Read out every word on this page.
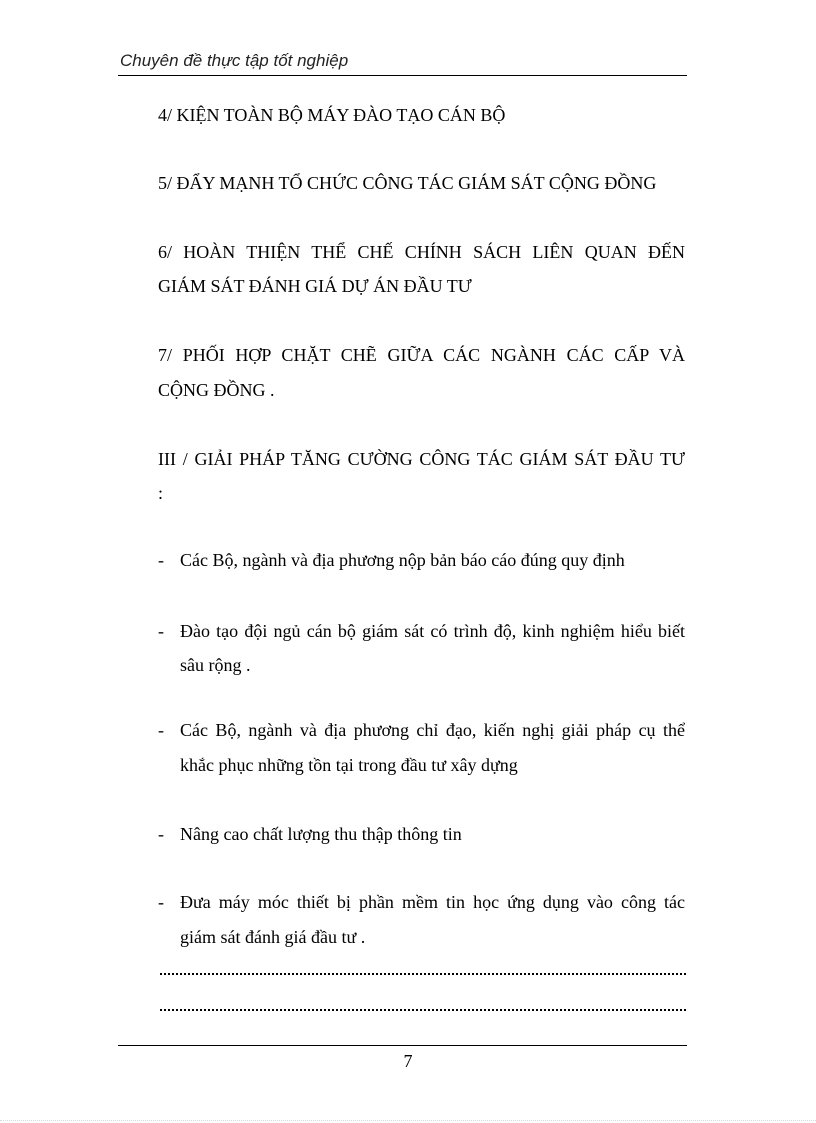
Chuyên đề thực tập tốt nghiệp
4/ KIỆN TOÀN BỘ MÁY ĐÀO TẠO CÁN BỘ
5/ ĐẨY MẠNH TỔ CHỨC CÔNG TÁC GIÁM SÁT CỘNG ĐỒNG
6/ HOÀN THIỆN THỂ CHẾ CHÍNH SÁCH LIÊN QUAN ĐẾN
GIÁM SÁT ĐÁNH GIÁ DỰ ÁN ĐẦU TƯ
7/ PHỐI HỢP CHẶT CHẼ GIỮA CÁC NGÀNH CÁC CẤP VÀ
CỘNG ĐỒNG .
III / GIẢI PHÁP TĂNG CƯỜNG CÔNG TÁC GIÁM SÁT ĐẦU TƯ
:
- Các Bộ, ngành và địa phương nộp bản báo cáo đúng quy định
- Đào tạo đội ngủ cán bộ giám sát có trình độ, kinh nghiệm hiểu biết
sâu rộng .
- Các Bộ, ngành và địa phương chỉ đạo, kiến nghị giải pháp cụ thể
khắc phục những tồn tại trong đầu tư xây dựng
- Nâng cao chất lượng thu thập thông tin
- Đưa máy móc thiết bị phần mềm tin học ứng dụng vào công tác
giám sát đánh giá đầu tư .
7
